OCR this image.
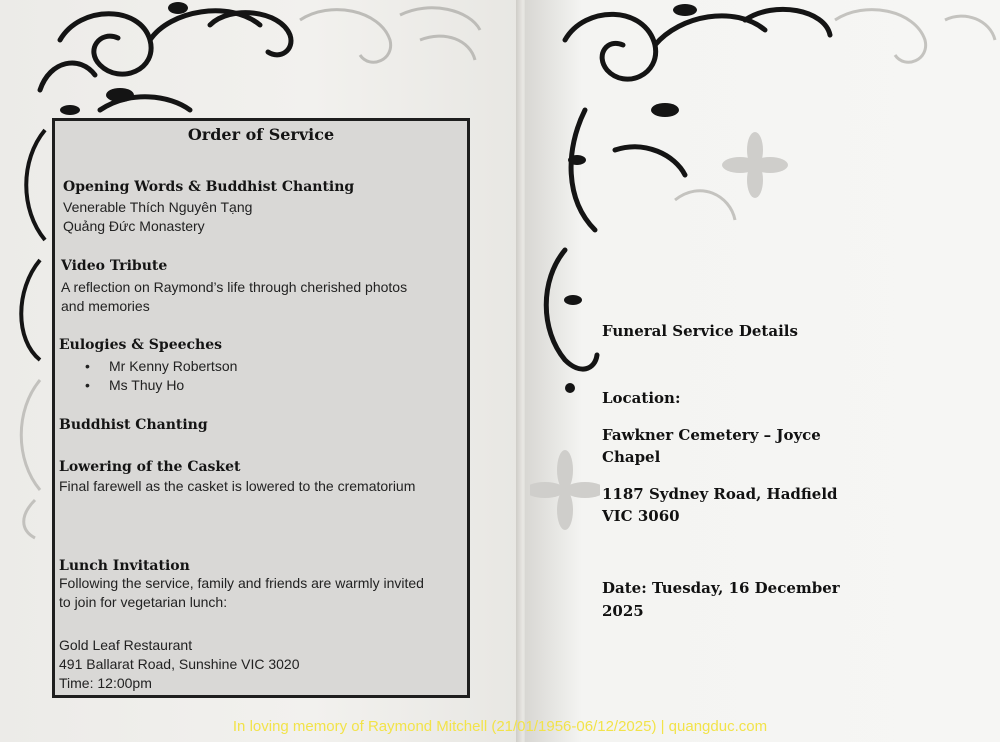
Order of Service
Opening Words & Buddhist Chanting
Venerable Thích Nguyên Tạng
Quảng Đức Monastery
Video Tribute
A reflection on Raymond’s life through cherished photos
and memories
Eulogies & Speeches
• Mr Kenny Robertson
• Ms Thuy Ho
Buddhist Chanting
Lowering of the Casket
Final farewell as the casket is lowered to the crematorium
Lunch Invitation
Following the service, family and friends are warmly invited
to join for vegetarian lunch:
Gold Leaf Restaurant
491 Ballarat Road, Sunshine VIC 3020
Time: 12:00pm
Funeral Service Details
Location:
Fawkner Cemetery – Joyce
Chapel
1187 Sydney Road, Hadfield
VIC 3060
Date: Tuesday, 16 December
2025
In loving memory of Raymond Mitchell (21/01/1956-06/12/2025) | quangduc.com
